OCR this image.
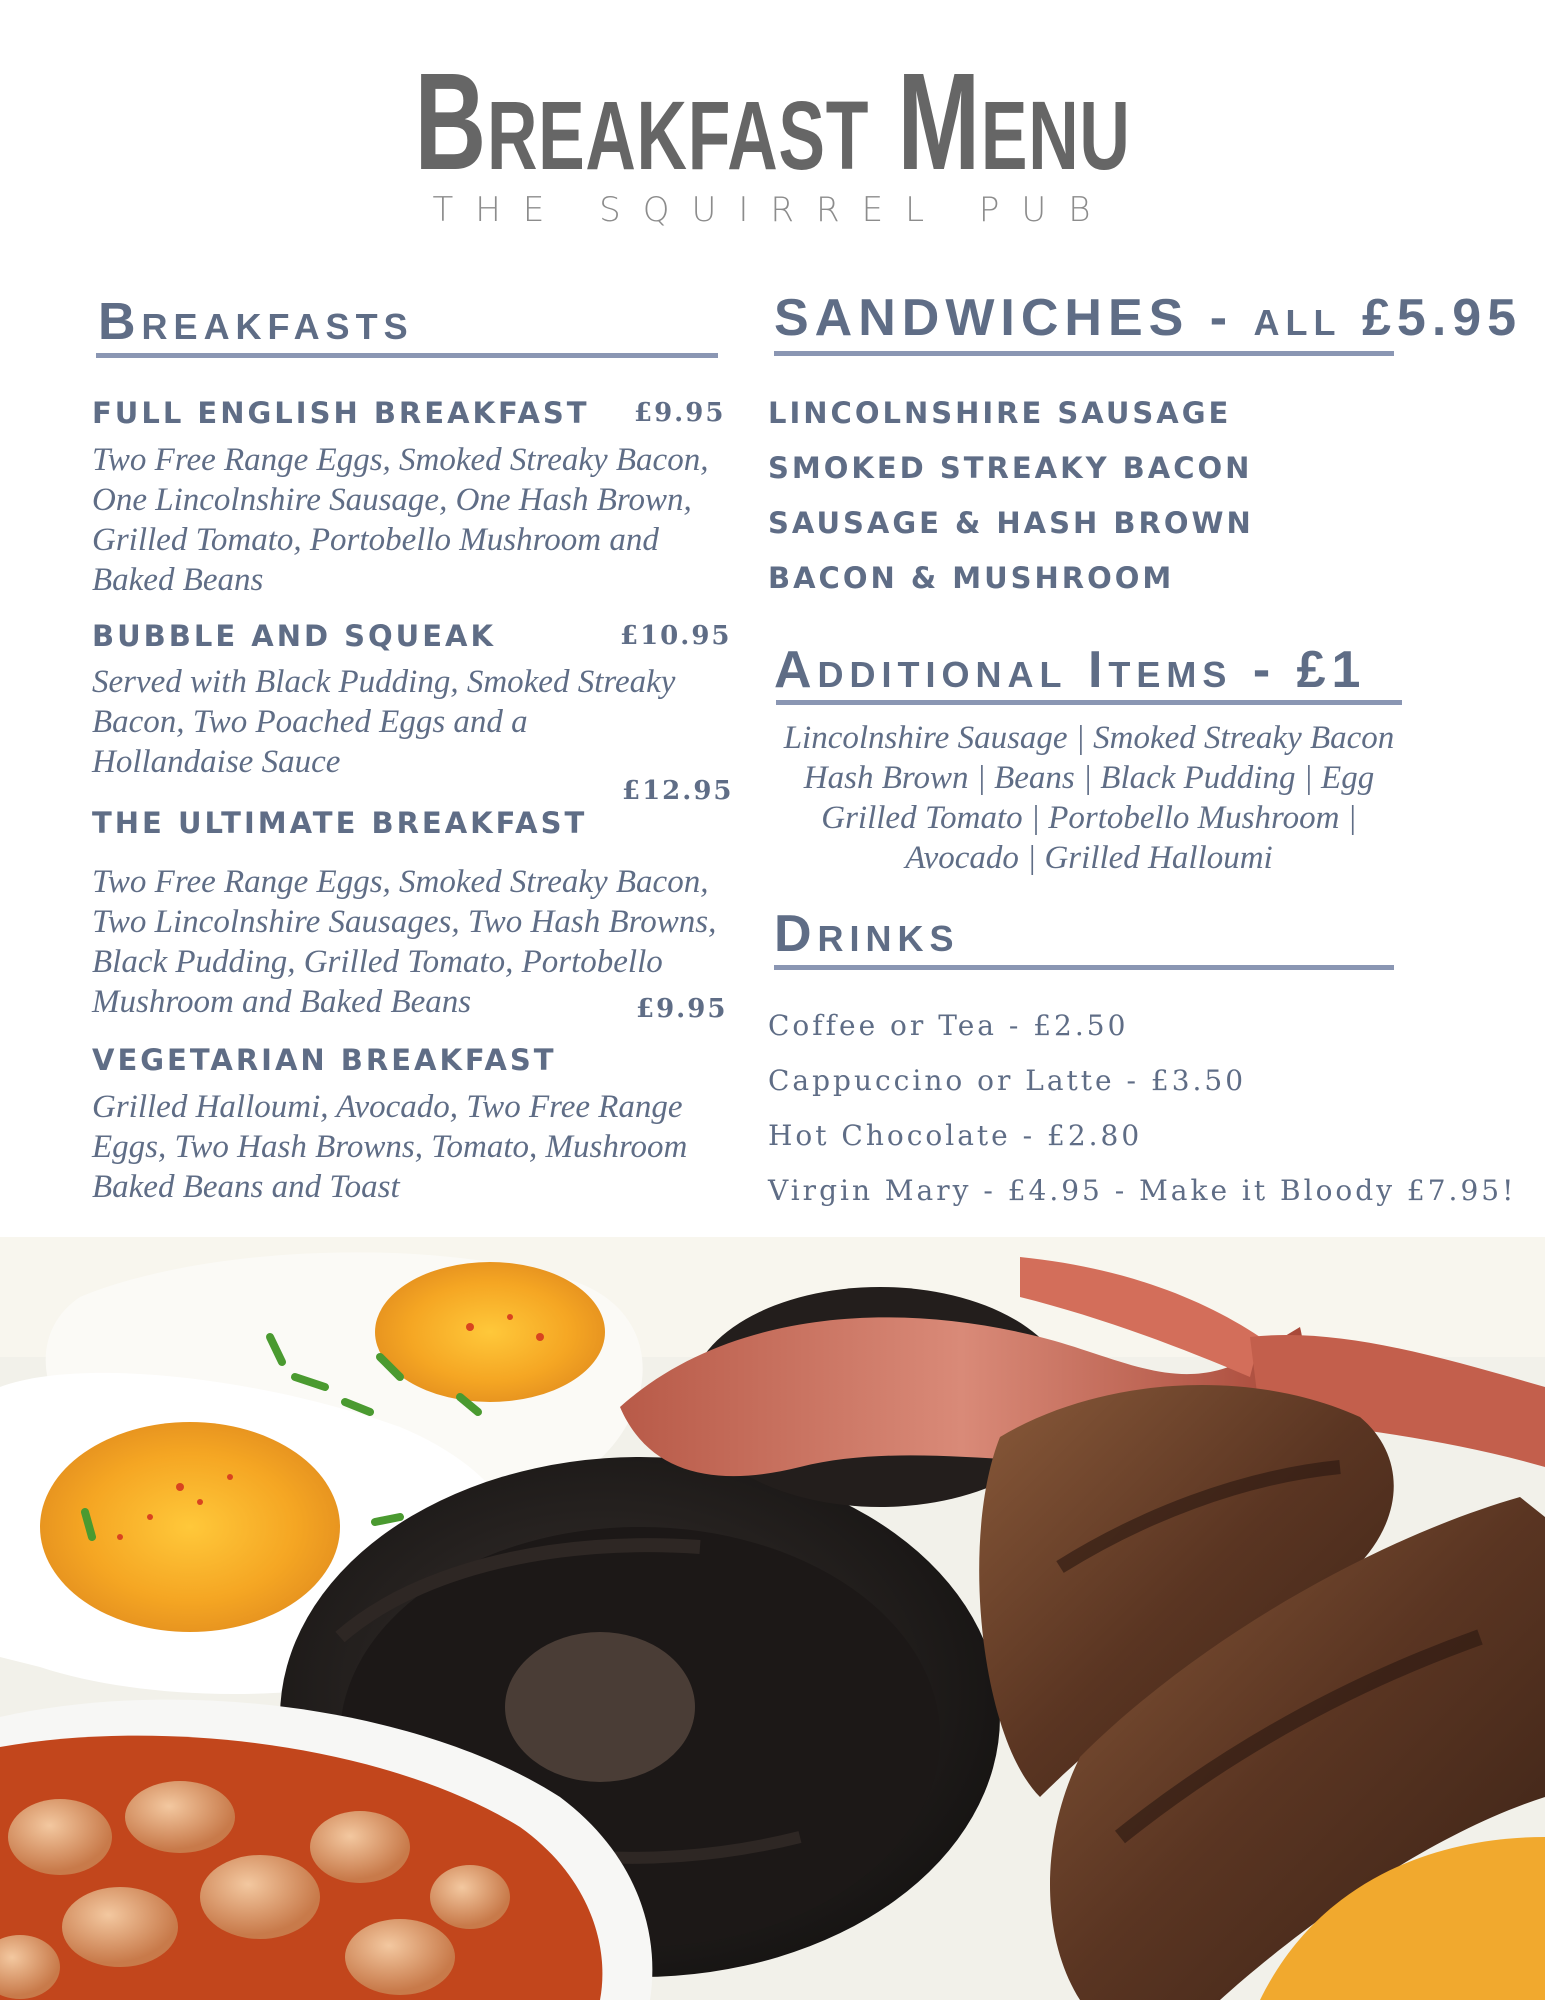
Breakfast Menu
THE SQUIRREL PUB
Breakfasts
FULL ENGLISH BREAKFAST £9.95
Two Free Range Eggs, Smoked Streaky Bacon, One Lincolnshire Sausage, One Hash Brown, Grilled Tomato, Portobello Mushroom and Baked Beans
BUBBLE AND SQUEAK	£10.95
Served with Black Pudding, Smoked Streaky Bacon, Two Poached Eggs and a Hollandaise Sauce
£12.95
THE ULTIMATE BREAKFAST
Two Free Range Eggs, Smoked Streaky Bacon, Two Lincolnshire Sausages, Two Hash Browns, Black Pudding, Grilled Tomato, Portobello Mushroom and Baked Beans	£9.95
VEGETARIAN BREAKFAST
Grilled Halloumi, Avocado, Two Free Range Eggs, Two Hash Browns, Tomato, Mushroom Baked Beans and Toast
SANDWICHES - all £5.95
LINCOLNSHIRE SAUSAGE
SMOKED STREAKY BACON
SAUSAGE & HASH BROWN
BACON & MUSHROOM
Additional Items - £1
Lincolnshire Sausage | Smoked Streaky Bacon
Hash Brown | Beans | Black Pudding | Egg
Grilled Tomato | Portobello Mushroom |
Avocado | Grilled Halloumi
Drinks
Coffee or Tea - £2.50
Cappuccino or Latte - £3.50
Hot Chocolate - £2.80
Virgin Mary - £4.95 - Make it Bloody £7.95!
